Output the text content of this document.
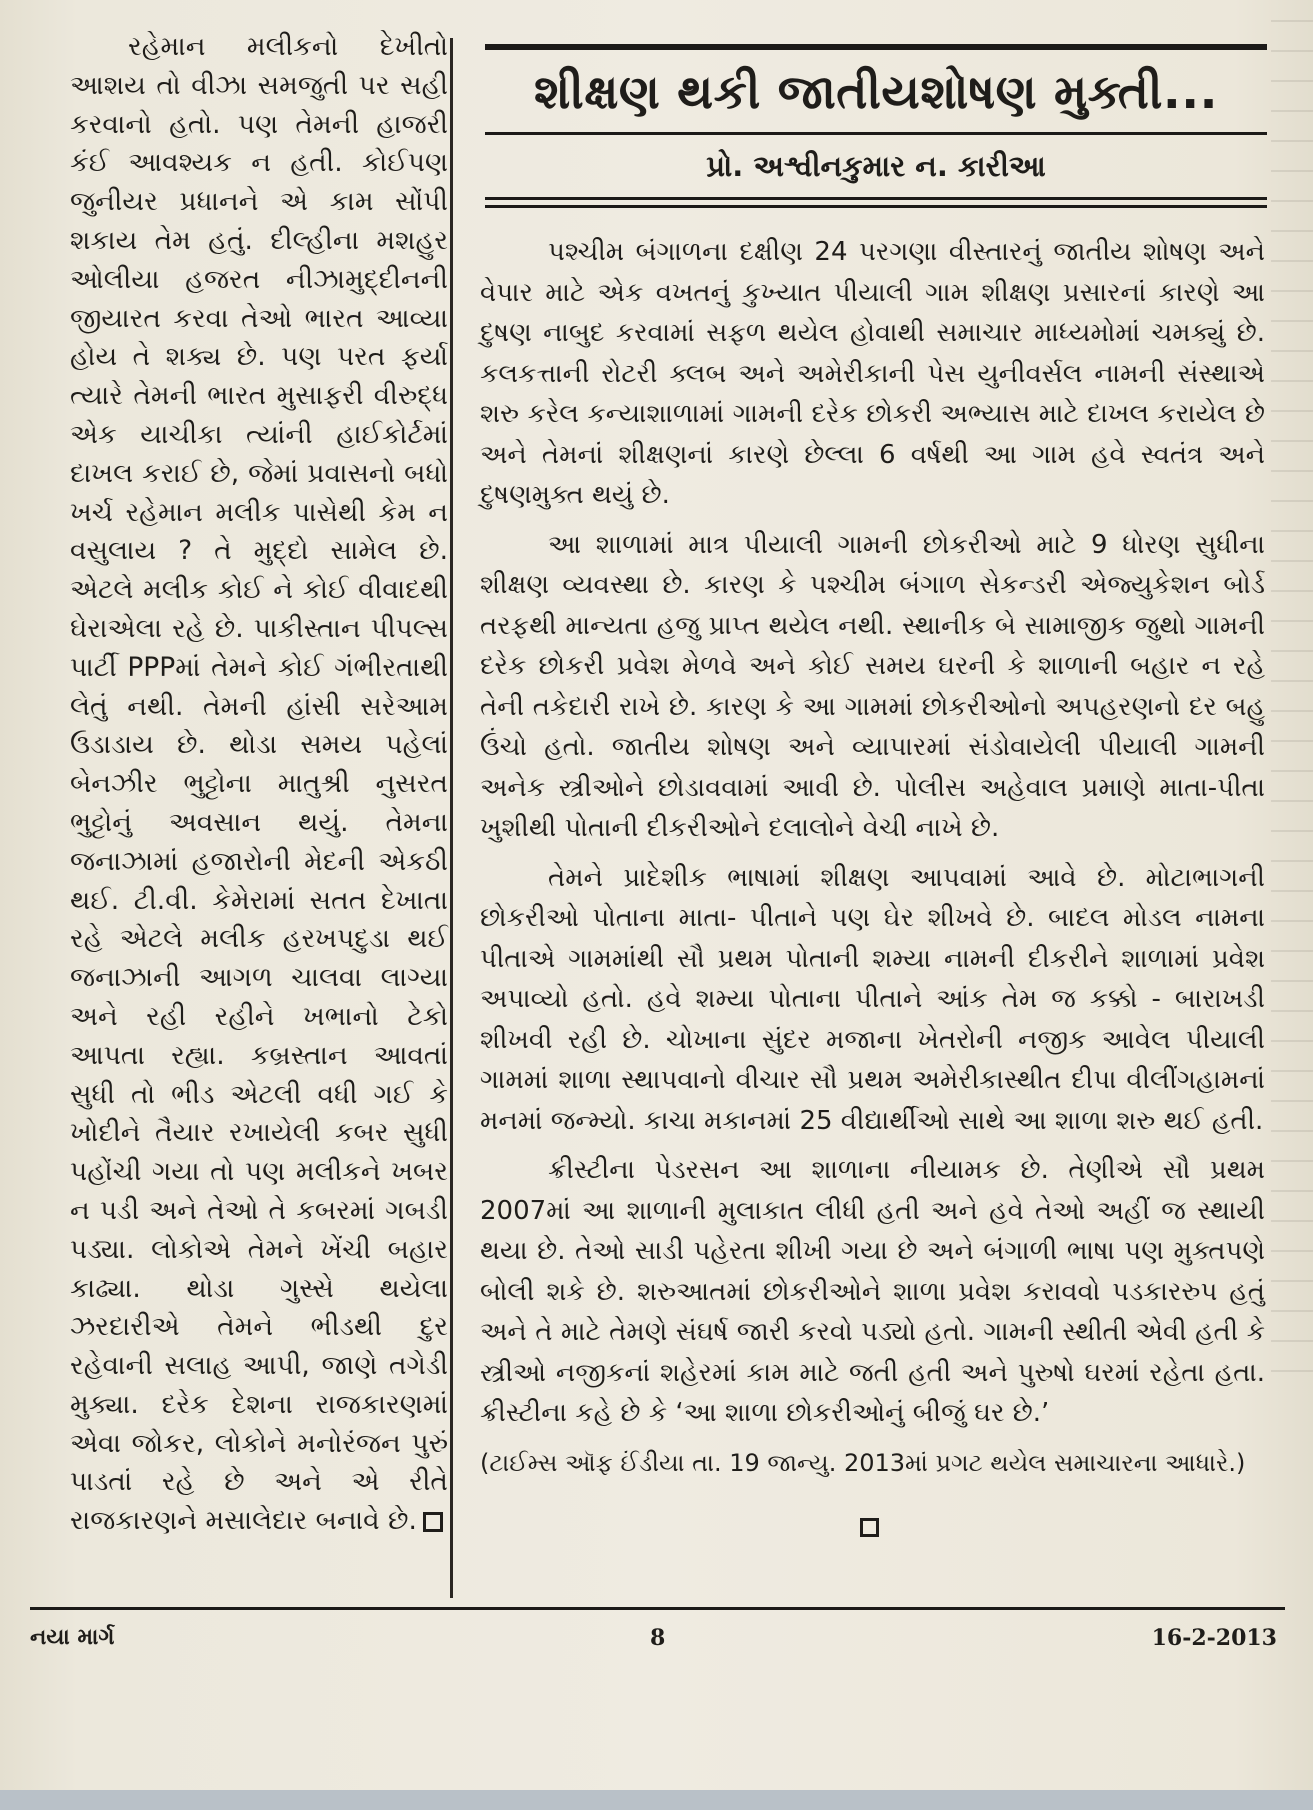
રહેમાન મલીકનો દેખીતો આશય તો વીઝા સમજુતી પર સહી કરવાનો હતો. પણ તેમની હાજરી કંઈ આવશ્યક ન હતી. કોઈપણ જુનીયર પ્રધાનને એ કામ સોંપી શકાય તેમ હતું. દીલ્હીના મશહુર ઓલીયા હજરત નીઝામુદ્દીનની જીયારત કરવા તેઓ ભારત આવ્યા હોય તે શક્ય છે. પણ પરત ફર્યા ત્યારે તેમની ભારત મુસાફરી વીરુદ્ધ એક યાચીકા ત્યાંની હાઈકોર્ટમાં દાખલ કરાઈ છે, જેમાં પ્રવાસનો બધો ખર્ચ રહેમાન મલીક પાસેથી કેમ ન વસુલાય ? તે મુદ્દો સામેલ છે. એટલે મલીક કોઈ ને કોઈ વીવાદથી ઘેરાએલા રહે છે. પાકીસ્તાન પીપલ્સ પાર્ટી PPPમાં તેમને કોઈ ગંભીરતાથી લેતું નથી. તેમની હાંસી સરેઆમ ઉડાડાય છે. થોડા સમય પહેલાં બેનઝીર ભુટ્ટોના માતુશ્રી નુસરત ભુટ્ટોનું અવસાન થયું. તેમના જનાઝામાં હજારોની મેદની એકઠી થઈ. ટી.વી. કેમેરામાં સતત દેખાતા રહે એટલે મલીક હરખપદુડા થઈ જનાઝાની આગળ ચાલવા લાગ્યા અને રહી રહીને ખભાનો ટેકો આપતા રહ્યા. કબ્રસ્તાન આવતાં સુધી તો ભીડ એટલી વધી ગઈ કે ખોદીને તૈયાર રખાયેલી કબર સુધી પહોંચી ગયા તો પણ મલીકને ખબર ન પડી અને તેઓ તે કબરમાં ગબડી પડ્યા. લોકોએ તેમને ખેંચી બહાર કાઢ્યા. થોડા ગુસ્સે થયેલા ઝરદારીએ તેમને ભીડથી દુર રહેવાની સલાહ આપી, જાણે તગેડી મુક્યા. દરેક દેશના રાજકારણમાં એવા જોકર, લોકોને મનોરંજન પુરું પાડતાં રહે છે અને એ રીતે રાજકારણને મસાલેદાર બનાવે છે.

શીક્ષણ થકી જાતીયશોષણ મુક્તી...
પ્રો. અશ્વીનકુમાર ન. કારીઆ

પશ્ચીમ બંગાળના દક્ષીણ 24 પરગણા વીસ્તારનું જાતીય શોષણ અને વેપાર માટે એક વખતનું કુખ્યાત પીયાલી ગામ શીક્ષણ પ્રસારનાં કારણે આ દુષણ નાબુદ કરવામાં સફળ થયેલ હોવાથી સમાચાર માધ્યમોમાં ચમક્યું છે. કલકત્તાની રોટરી ક્લબ અને અમેરીકાની પેસ યુનીવર્સલ નામની સંસ્થાએ શરુ કરેલ કન્યાશાળામાં ગામની દરેક છોકરી અભ્યાસ માટે દાખલ કરાયેલ છે અને તેમનાં શીક્ષણનાં કારણે છેલ્લા 6 વર્ષથી આ ગામ હવે સ્વતંત્ર અને દુષણમુક્ત થયું છે.

આ શાળામાં માત્ર પીયાલી ગામની છોકરીઓ માટે 9 ધોરણ સુધીના શીક્ષણ વ્યવસ્થા છે. કારણ કે પશ્ચીમ બંગાળ સેકન્ડરી એજ્યુકેશન બોર્ડ તરફથી માન્યતા હજુ પ્રાપ્ત થયેલ નથી. સ્થાનીક બે સામાજીક જુથો ગામની દરેક છોકરી પ્રવેશ મેળવે અને કોઈ સમય ઘરની કે શાળાની બહાર ન રહે તેની તકેદારી રાખે છે. કારણ કે આ ગામમાં છોકરીઓનો અપહરણનો દર બહુ ઉંચો હતો. જાતીય શોષણ અને વ્યાપારમાં સંડોવાયેલી પીયાલી ગામની અનેક સ્ત્રીઓને છોડાવવામાં આવી છે. પોલીસ અહેવાલ પ્રમાણે માતા-પીતા ખુશીથી પોતાની દીકરીઓને દલાલોને વેચી નાખે છે.

તેમને પ્રાદેશીક ભાષામાં શીક્ષણ આપવામાં આવે છે. મોટાભાગની છોકરીઓ પોતાના માતા- પીતાને પણ ઘેર શીખવે છે. બાદલ મોડલ નામના પીતાએ ગામમાંથી સૌ પ્રથમ પોતાની શમ્યા નામની દીકરીને શાળામાં પ્રવેશ અપાવ્યો હતો. હવે શમ્યા પોતાના પીતાને આંક તેમ જ કક્કો - બારાખડી શીખવી રહી છે. ચોખાના સુંદર મજાના ખેતરોની નજીક આવેલ પીયાલી ગામમાં શાળા સ્થાપવાનો વીચાર સૌ પ્રથમ અમેરીકાસ્થીત દીપા વીલીંગહામનાં મનમાં જન્મ્યો. કાચા મકાનમાં 25 વીદ્યાર્થીઓ સાથે આ શાળા શરુ થઈ હતી.

ક્રીસ્ટીના પેડરસન આ શાળાના નીયામક છે. તેણીએ સૌ પ્રથમ 2007માં આ શાળાની મુલાકાત લીધી હતી અને હવે તેઓ અહીં જ સ્થાયી થયા છે. તેઓ સાડી પહેરતા શીખી ગયા છે અને બંગાળી ભાષા પણ મુક્તપણે બોલી શકે છે. શરુઆતમાં છોકરીઓને શાળા પ્રવેશ કરાવવો પડકારરુપ હતું અને તે માટે તેમણે સંઘર્ષ જારી કરવો પડ્યો હતો. ગામની સ્થીતી એવી હતી કે સ્ત્રીઓ નજીકનાં શહેરમાં કામ માટે જતી હતી અને પુરુષો ઘરમાં રહેતા હતા. ક્રીસ્ટીના કહે છે કે ‘આ શાળા છોકરીઓનું બીજું ઘર છે.’

(ટાઈમ્સ ઑફ ઈંડીયા તા. 19 જાન્યુ. 2013માં પ્રગટ થયેલ સમાચારના આધારે.)

નયા માર્ગ	8	16-2-2013
